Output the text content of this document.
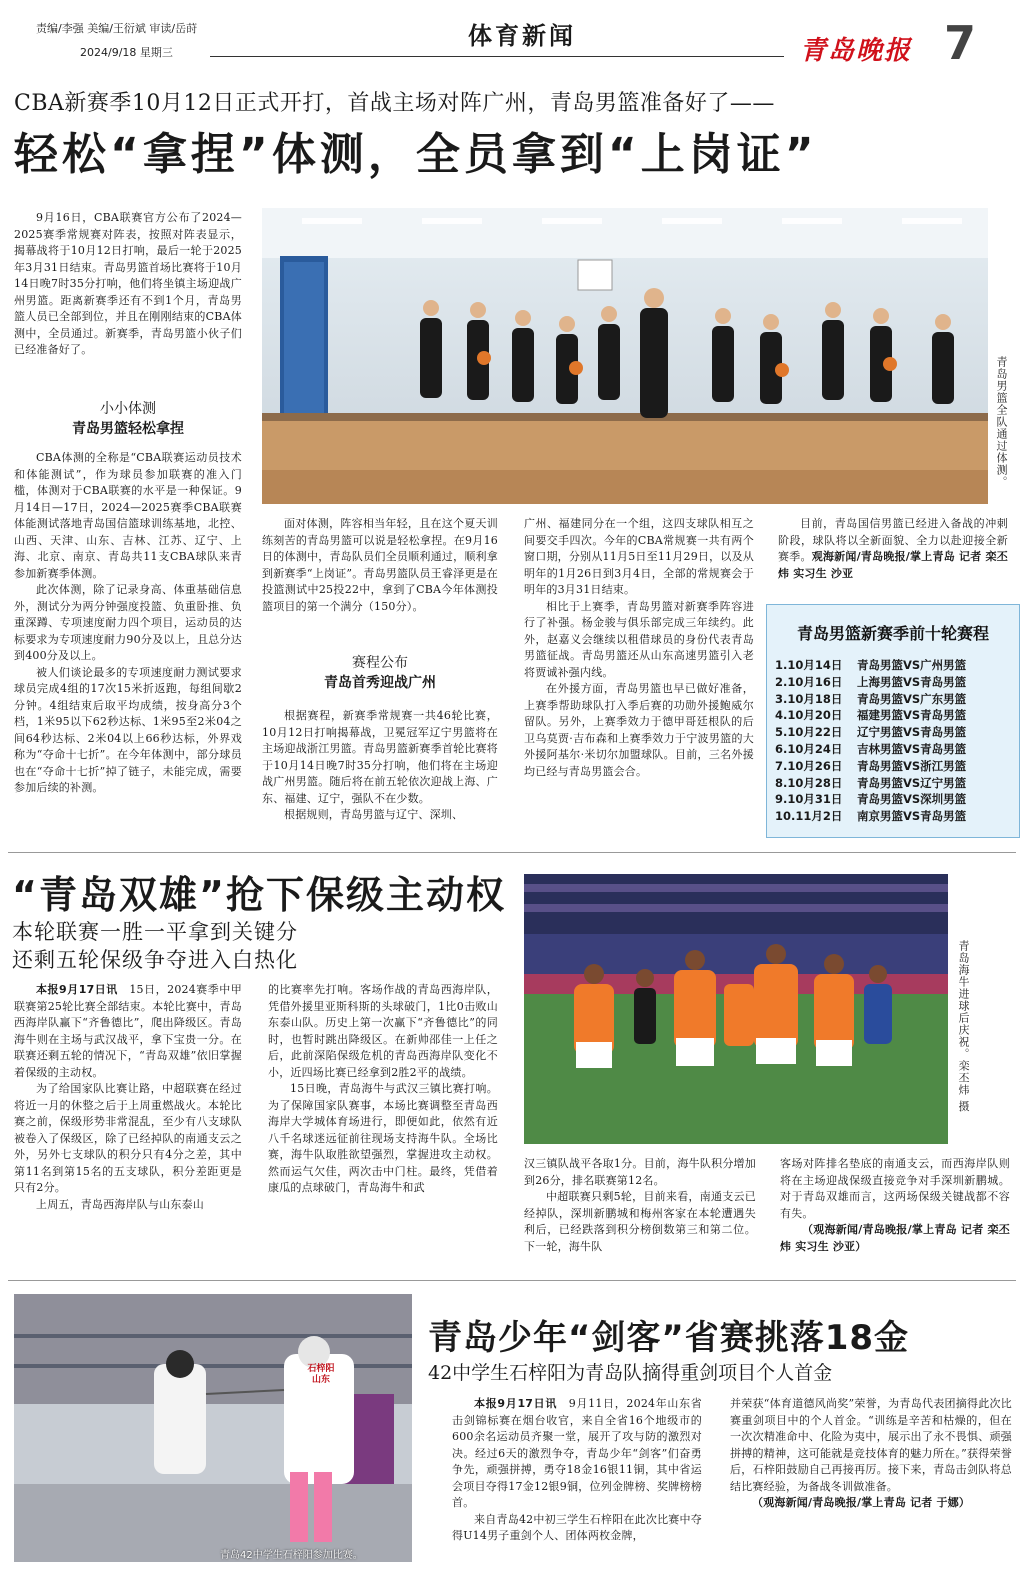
责编/李强 美编/王衍斌 审读/岳莳
2024/9/18 星期三
体育新闻	青岛晚报 7
CBA新赛季10月12日正式开打，首战主场对阵广州，青岛男篮准备好了——
轻松“拿捏”体测，全员拿到“上岗证”

9月16日，CBA联赛官方公布了2024—2025赛季常规赛对阵表，按照对阵表显示，揭幕战将于10月12日打响，最后一轮于2025年3月31日结束。青岛男篮首场比赛将于10月14日晚7时35分打响，他们将坐镇主场迎战广州男篮。距离新赛季还有不到1个月，青岛男篮人员已全部到位，并且在刚刚结束的CBA体测中，全员通过。新赛季，青岛男篮小伙子们已经准备好了。

小小体测
青岛男篮轻松拿捏

CBA体测的全称是“CBA联赛运动员技术和体能测试”，作为球员参加联赛的准入门槛，体测对于CBA联赛的水平是一种保证。9月14日—17日，2024—2025赛季CBA联赛体能测试落地青岛国信篮球训练基地，北控、山西、天津、山东、吉林、江苏、辽宁、上海、北京、南京、青岛共11支CBA球队来青参加新赛季体测。

此次体测，除了记录身高、体重基础信息外，测试分为两分钟强度投篮、负重卧推、负重深蹲、专项速度耐力四个项目，运动员的达标要求为专项速度耐力90分及以上，且总分达到400分及以上。

被人们谈论最多的专项速度耐力测试要求球员完成4组的17次15米折返跑，每组间歇2分钟。4组结束后取平均成绩，按身高分3个档，1米95以下62秒达标、1米95至2米04之间64秒达标、2米04以上66秒达标，外界戏称为“夺命十七折”。在今年体测中，部分球员也在“夺命十七折”掉了链子，未能完成，需要参加后续的补测。

青岛男篮全队通过体测。

面对体测，阵容相当年轻，且在这个夏天训练刻苦的青岛男篮可以说是轻松拿捏。在9月16日的体测中，青岛队员们全员顺利通过，顺利拿到新赛季“上岗证”。青岛男篮队员王睿泽更是在投篮测试中25投22中，拿到了CBA今年体测投篮项目的第一个满分（150分）。

赛程公布
青岛首秀迎战广州

根据赛程，新赛季常规赛一共46轮比赛，10月12日打响揭幕战，卫冕冠军辽宁男篮将在主场迎战浙江男篮。青岛男篮新赛季首轮比赛将于10月14日晚7时35分打响，他们将在主场迎战广州男篮。随后将在前五轮依次迎战上海、广东、福建、辽宁，强队不在少数。

根据规则，青岛男篮与辽宁、深圳、

广州、福建同分在一个组，这四支球队相互之间要交手四次。今年的CBA常规赛一共有两个窗口期，分别从11月5日至11月29日，以及从明年的1月26日到3月4日，全部的常规赛会于明年的3月31日结束。

相比于上赛季，青岛男篮对新赛季阵容进行了补强。杨金骏与俱乐部完成三年续约。此外，赵嘉义会继续以租借球员的身份代表青岛男篮征战。青岛男篮还从山东高速男篮引入老将贾诚补强内线。

在外援方面，青岛男篮也早已做好准备，上赛季帮助球队打入季后赛的功勋外援鲍威尔留队。另外，上赛季效力于德甲哥廷根队的后卫乌莫贾·吉布森和上赛季效力于宁波男篮的大外援阿基尔·米切尔加盟球队。目前，三名外援均已经与青岛男篮会合。

目前，青岛国信男篮已经进入备战的冲刺阶段，球队将以全新面貌、全力以赴迎接全新赛季。观海新闻/青岛晚报/掌上青岛 记者 栾丕炜 实习生 沙亚

青岛男篮新赛季前十轮赛程
1.10月14日 青岛男篮VS广州男篮
2.10月16日 上海男篮VS青岛男篮
3.10月18日 青岛男篮VS广东男篮
4.10月20日 福建男篮VS青岛男篮
5.10月22日 辽宁男篮VS青岛男篮
6.10月24日 吉林男篮VS青岛男篮
7.10月26日 青岛男篮VS浙江男篮
8.10月28日 青岛男篮VS辽宁男篮
9.10月31日 青岛男篮VS深圳男篮
10.11月2日 南京男篮VS青岛男篮
“青岛双雄”抢下保级主动权
本轮联赛一胜一平拿到关键分
还剩五轮保级争夺进入白热化	青岛海牛进球后庆祝。栾丕炜 摄

本报9月17日讯　 15日，2024赛季中甲联赛第25轮比赛全部结束。本轮比赛中，青岛西海岸队赢下“齐鲁德比”，爬出降级区。青岛海牛则在主场与武汉战平，拿下宝贵一分。在联赛还剩五轮的情况下，“青岛双雄”依旧掌握着保级的主动权。

为了给国家队比赛让路，中超联赛在经过将近一月的休整之后于上周重燃战火。本轮比赛之前，保级形势非常混乱，至少有八支球队被卷入了保级区，除了已经掉队的南通支云之外，另外七支球队的积分只有4分之差，其中第11名到第15名的五支球队，积分差距更是只有2分。

上周五，青岛西海岸队与山东泰山

的比赛率先打响。客场作战的青岛西海岸队，凭借外援里亚斯科斯的头球破门，1比0击败山东泰山队。历史上第一次赢下“齐鲁德比”的同时，也暂时跳出降级区。在新帅邵佳一上任之后，此前深陷保级危机的青岛西海岸队变化不小，近四场比赛已经拿到2胜2平的战绩。

15日晚，青岛海牛与武汉三镇比赛打响。为了保障国家队赛事，本场比赛调整至青岛西海岸大学城体育场进行，即便如此，依然有近八千名球迷远征前往现场支持海牛队。全场比赛，海牛队取胜欲望强烈，掌握进攻主动权。然而运气欠佳，两次击中门柱。最终，凭借着康瓜的点球破门，青岛海牛和武

汉三镇队战平各取1分。目前，海牛队积分增加到26分，排名联赛第12名。

中超联赛只剩5轮，目前来看，南通支云已经掉队，深圳新鹏城和梅州客家在本轮遭遇失利后，已经跌落到积分榜倒数第三和第二位。下一轮，海牛队

客场对阵排名垫底的南通支云，而西海岸队则将在主场迎战保级直接竞争对手深圳新鹏城。对于青岛双雄而言，这两场保级关键战都不容有失。

（观海新闻/青岛晚报/掌上青岛 记者 栾丕炜 实习生 沙亚）

石梓阳
山东
青岛42中学生石梓阳参加比赛。
青岛少年“剑客”省赛挑落18金
42中学生石梓阳为青岛队摘得重剑项目个人首金

本报9月17日讯　 9月11日，2024年山东省击剑锦标赛在烟台收官，来自全省16个地级市的600余名运动员齐聚一堂，展开了攻与防的激烈对决。经过6天的激烈争夺，青岛少年“剑客”们奋勇争先，顽强拼搏，勇夺18金16银11铜，其中省运会项目夺得17金12银9铜，位列金牌榜、奖牌榜榜首。

来自青岛42中初三学生石梓阳在此次比赛中夺得U14男子重剑个人、团体两枚金牌，

并荣获“体育道德风尚奖”荣誉，为青岛代表团摘得此次比赛重剑项目中的个人首金。“训练是辛苦和枯燥的，但在一次次精准命中、化险为夷中，展示出了永不畏惧、顽强拼搏的精神，这可能就是竞技体育的魅力所在。”获得荣誉后，石梓阳鼓励自己再接再厉。接下来，青岛击剑队将总结比赛经验，为备战冬训做准备。

（观海新闻/青岛晚报/掌上青岛 记者 于娜）
